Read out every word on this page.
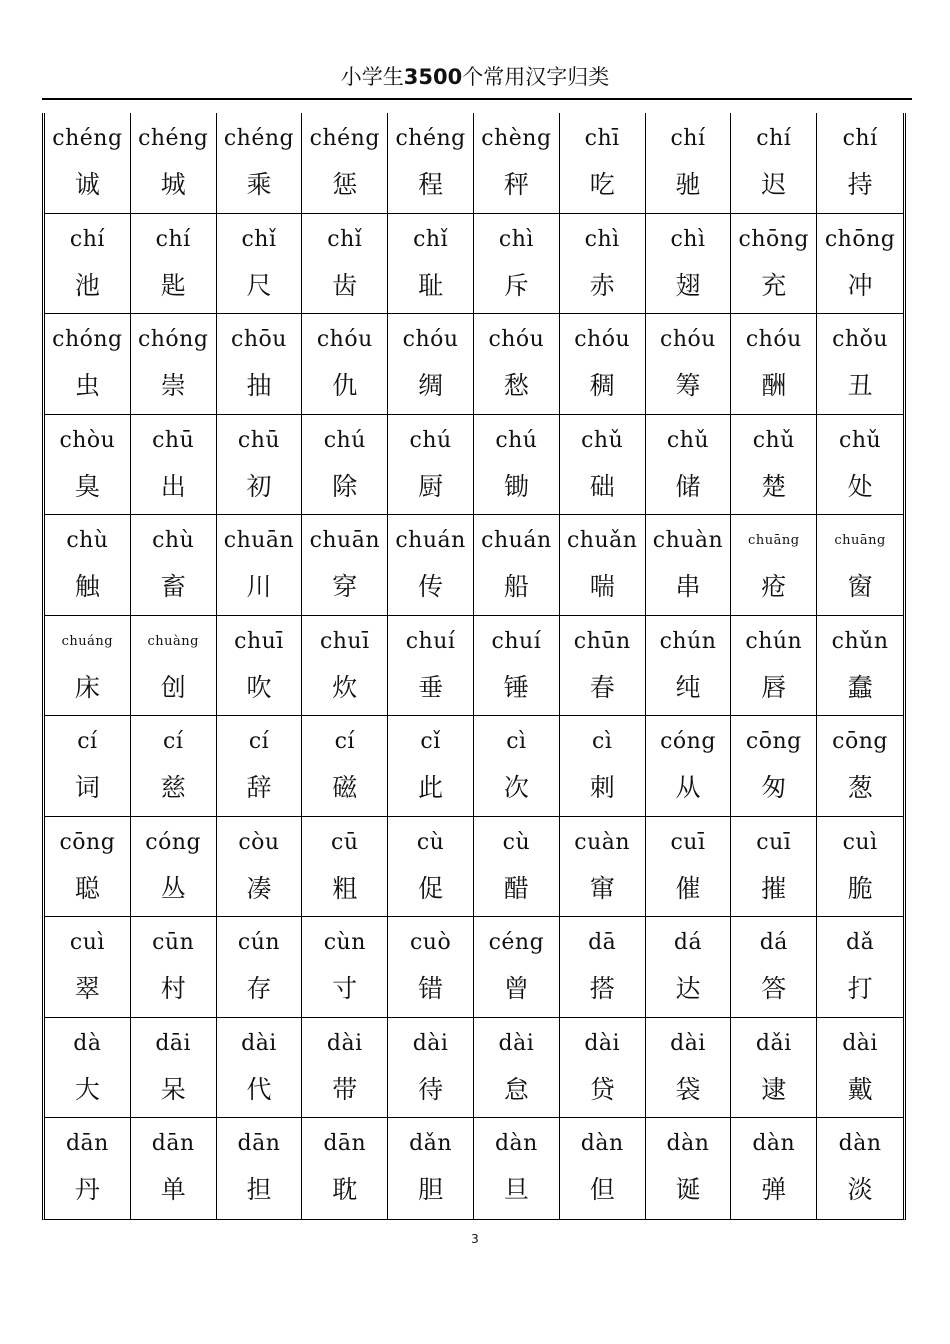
小学生3500个常用汉字归类
chéng
诚
chéng
城
chéng
乘
chéng
惩
chéng
程
chèng
秤
chī
吃
chí
驰
chí
迟
chí
持
chí
池
chí
匙
chǐ
尺
chǐ
齿
chǐ
耻
chì
斥
chì
赤
chì
翅
chōng
充
chōng
冲
chóng
虫
chóng
崇
chōu
抽
chóu
仇
chóu
绸
chóu
愁
chóu
稠
chóu
筹
chóu
酬
chǒu
丑
chòu
臭
chū
出
chū
初
chú
除
chú
厨
chú
锄
chǔ
础
chǔ
储
chǔ
楚
chǔ
处
chù
触
chù
畜
chuān
川
chuān
穿
chuán
传
chuán
船
chuǎn
喘
chuàn
串
chuāng
疮
chuāng
窗
chuáng
床
chuàng
创
chuī
吹
chuī
炊
chuí
垂
chuí
锤
chūn
春
chún
纯
chún
唇
chǔn
蠢
cí
词
cí
慈
cí
辞
cí
磁
cǐ
此
cì
次
cì
刺
cóng
从
cōng
匆
cōng
葱
cōng
聪
cóng
丛
còu
凑
cū
粗
cù
促
cù
醋
cuàn
窜
cuī
催
cuī
摧
cuì
脆
cuì
翠
cūn
村
cún
存
cùn
寸
cuò
错
céng
曾
dā
搭
dá
达
dá
答
dǎ
打
dà
大
dāi
呆
dài
代
dài
带
dài
待
dài
怠
dài
贷
dài
袋
dǎi
逮
dài
戴
dān
丹
dān
单
dān
担
dān
耽
dǎn
胆
dàn
旦
dàn
但
dàn
诞
dàn
弹
dàn
淡
3
